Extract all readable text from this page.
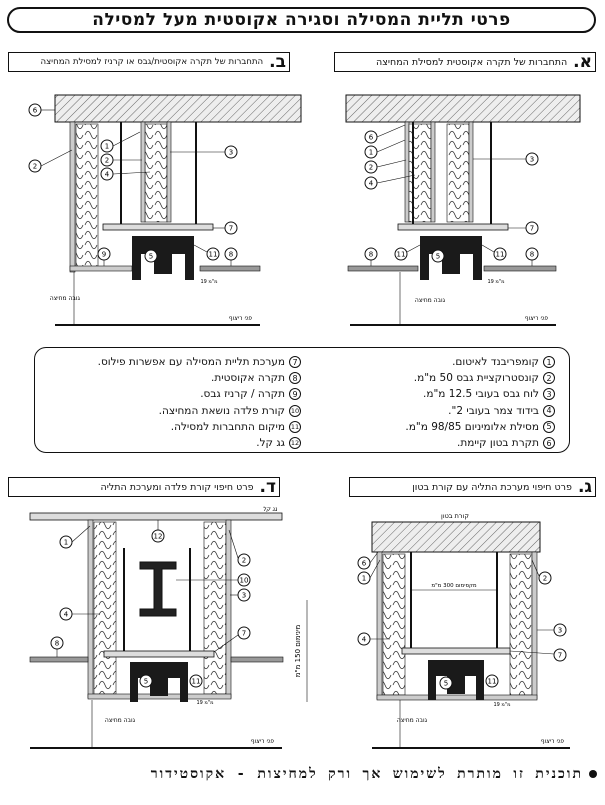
פרטי תליית המסילה וסגירה אקוסטית מעל למסילה
א.
התחברות של תקרה אקוסטית למסילת המחיצה
ב.
התחברות של תקרה אקוסטית/גבס או קרניז למסילת המחיצה
ג.
פרט חיפוי מערכת התליה עם קורת בטון
ד.
פרט חיפוי קורת פלדה ומערכת התליה
פני ריצוף
גובה מחיצה
19 מ"מ
6
2
1
2
4
3
7
8
9	5	11
פני ריצוף
גובה מחיצה
19 מ"מ
6
1
2
4
3
7
8	8
11	11
5
1
קומפריבנד לאיטום.
2
קונסטרוקציית גבס 50 מ"מ.
3
לוח גבס בעובי 12.5 מ"מ.
4
בידוד צמר בעובי 2".
5
מסילת אלומיניום 98/85 מ"מ.
6
תקרת בטון קיימת.
7
מערכת תליית המסילה עם אפשרות פילוס.
8
תקרה אקוסטית.
9
תקרה / קרניז גבס.
10
קורת פלדה נושאת המחיצה.
11
מיקום התחברות למסילה.
12
גג קל.
גג קל
פני ריצוף
גובה מחיצה
19 מ"מ
מינימום 150 מ"מ
12
1
2
10
3
4
7
8
5	11
קורת בטון
מקסימום 300 מ"מ
פני ריצוף
גובה מחיצה
19 מ"מ
6
1	2
4
3
7
5	11
תוכנית זו מותרת לשימוש אך ורק למחיצות - אקוסטידור
